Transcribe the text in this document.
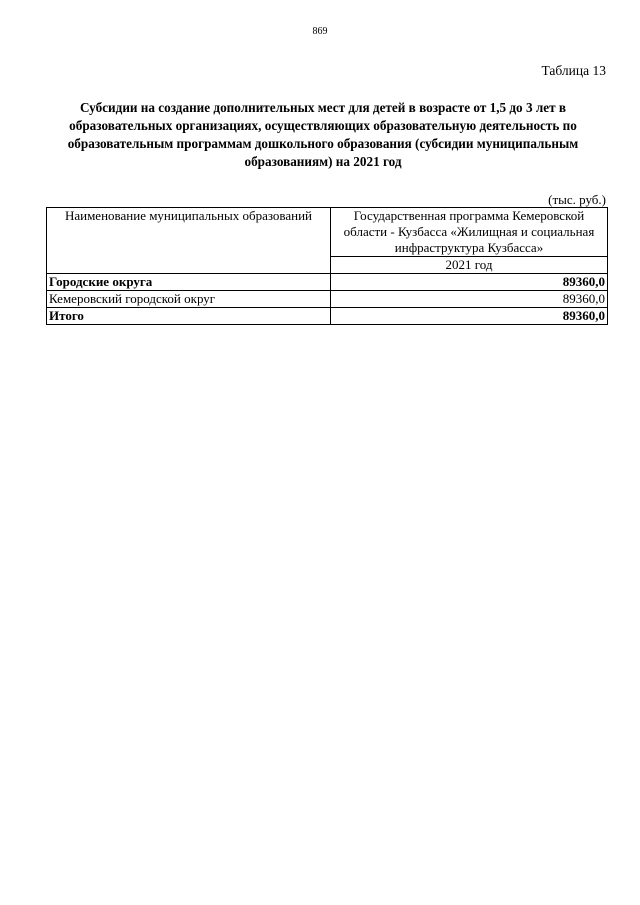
869
Таблица 13
Субсидии на создание дополнительных мест для детей в возрасте от 1,5 до 3 лет в образовательных организациях, осуществляющих образовательную деятельность по образовательным программам дошкольного образования (субсидии муниципальным образованиям) на 2021 год
(тыс. руб.)
Наименование муниципальных образований	Государственная программа Кемеровской области - Кузбасса «Жилищная и социальная инфраструктура Кузбасса»
	2021 год
Городские округа	89360,0
Кемеровский городской округ	89360,0
Итого	89360,0
